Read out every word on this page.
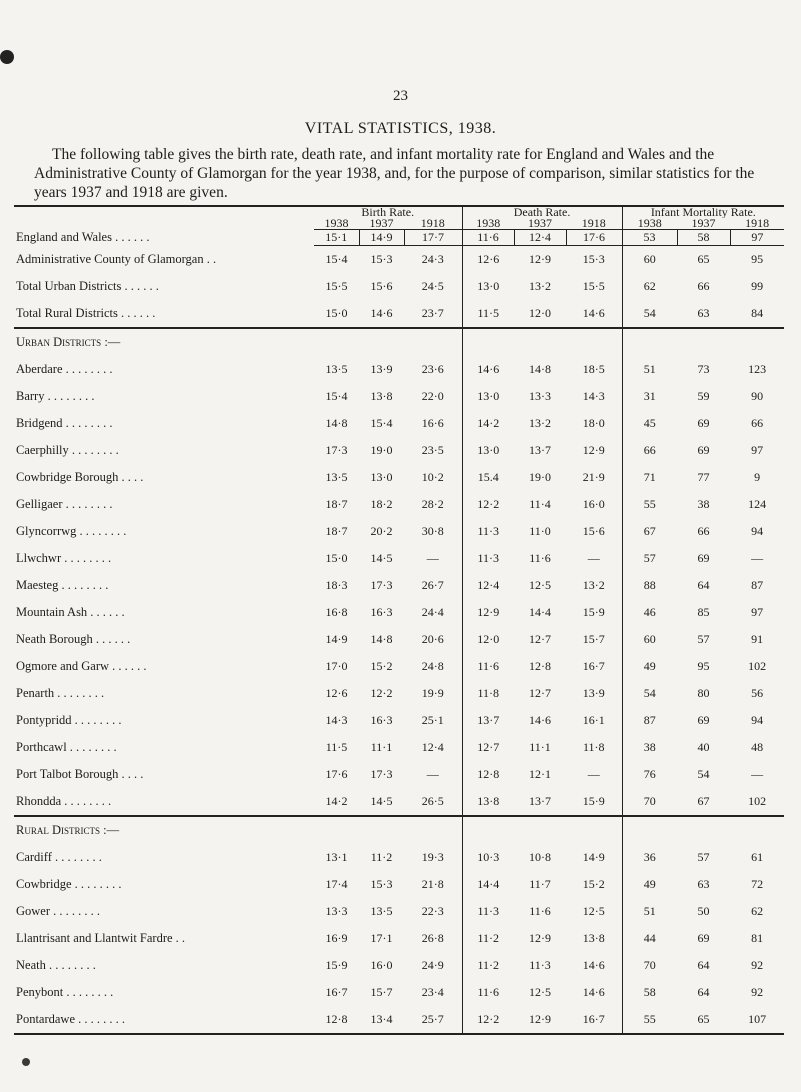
23
VITAL STATISTICS, 1938.
The following table gives the birth rate, death rate, and infant mortality rate for England and Wales and the Administrative County of Glamorgan for the year 1938, and, for the purpose of comparison, similar statistics for the years 1937 and 1918 are given.
	Birth Rate.			Death Rate.			Infant Mortality Rate.		
	1938	1937	1918	1938	1937	1918	1938	1937	1918
England and Wales . . . . . .	15·1	14·9	17·7	11·6	12·4	17·6	53	58	97
Administrative County of Glamorgan . .	15·4	15·3	24·3	12·6	12·9	15·3	60	65	95
Total Urban Districts . . . . . .	15·5	15·6	24·5	13·0	13·2	15·5	62	66	99
Total Rural Districts . . . . . .	15·0	14·6	23·7	11·5	12·0	14·6	54	63	84
Urban Districts :—									
Aberdare . . . . . . . .	13·5	13·9	23·6	14·6	14·8	18·5	51	73	123
Barry . . . . . . . .	15·4	13·8	22·0	13·0	13·3	14·3	31	59	90
Bridgend . . . . . . . .	14·8	15·4	16·6	14·2	13·2	18·0	45	69	66
Caerphilly . . . . . . . .	17·3	19·0	23·5	13·0	13·7	12·9	66	69	97
Cowbridge Borough . . . .	13·5	13·0	10·2	15.4	19·0	21·9	71	77	9
Gelligaer . . . . . . . .	18·7	18·2	28·2	12·2	11·4	16·0	55	38	124
Glyncorrwg . . . . . . . .	18·7	20·2	30·8	11·3	11·0	15·6	67	66	94
Llwchwr . . . . . . . .	15·0	14·5	—	11·3	11·6	—	57	69	—
Maesteg . . . . . . . .	18·3	17·3	26·7	12·4	12·5	13·2	88	64	87
Mountain Ash . . . . . .	16·8	16·3	24·4	12·9	14·4	15·9	46	85	97
Neath Borough . . . . . .	14·9	14·8	20·6	12·0	12·7	15·7	60	57	91
Ogmore and Garw . . . . . .	17·0	15·2	24·8	11·6	12·8	16·7	49	95	102
Penarth . . . . . . . .	12·6	12·2	19·9	11·8	12·7	13·9	54	80	56
Pontypridd . . . . . . . .	14·3	16·3	25·1	13·7	14·6	16·1	87	69	94
Porthcawl . . . . . . . .	11·5	11·1	12·4	12·7	11·1	11·8	38	40	48
Port Talbot Borough . . . .	17·6	17·3	—	12·8	12·1	—	76	54	—
Rhondda . . . . . . . .	14·2	14·5	26·5	13·8	13·7	15·9	70	67	102
Rural Districts :—									
Cardiff . . . . . . . .	13·1	11·2	19·3	10·3	10·8	14·9	36	57	61
Cowbridge . . . . . . . .	17·4	15·3	21·8	14·4	11·7	15·2	49	63	72
Gower . . . . . . . .	13·3	13·5	22·3	11·3	11·6	12·5	51	50	62
Llantrisant and Llantwit Fardre . .	16·9	17·1	26·8	11·2	12·9	13·8	44	69	81
Neath . . . . . . . .	15·9	16·0	24·9	11·2	11·3	14·6	70	64	92
Penybont . . . . . . . .	16·7	15·7	23·4	11·6	12·5	14·6	58	64	92
Pontardawe . . . . . . . .	12·8	13·4	25·7	12·2	12·9	16·7	55	65	107
